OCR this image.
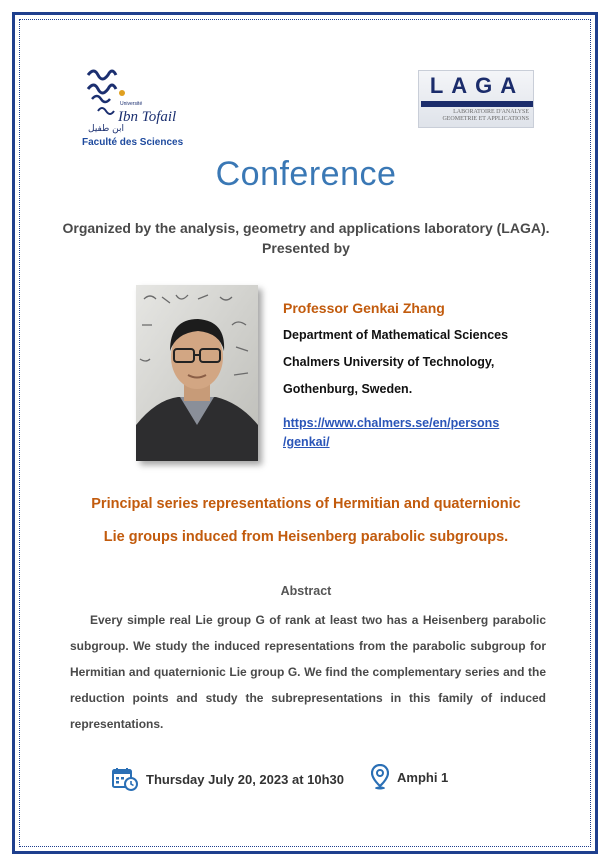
Ibn Tofail
Université
ابن طفيل
Faculté des Sciences
LAGA
LABORATOIRE D'ANALYSE
GEOMETRIE ET APPLICATIONS
Conference
Organized by the analysis, geometry and applications laboratory (LAGA).
Presented by
Professor Genkai Zhang
Department of Mathematical Sciences
Chalmers University of Technology,
Gothenburg, Sweden.
https://www.chalmers.se/en/persons
/genkai/
Principal series representations of Hermitian and quaternionic
Lie groups induced from Heisenberg parabolic subgroups.
Abstract
Every simple real Lie group G of rank at least two has a Heisenberg parabolic subgroup. We study the induced representations from the parabolic subgroup for Hermitian and quaternionic Lie group G. We find the complementary series and the reduction points and study the subrepresentations in this family of induced representations.
Thursday July 20, 2023 at 10h30	Amphi 1
